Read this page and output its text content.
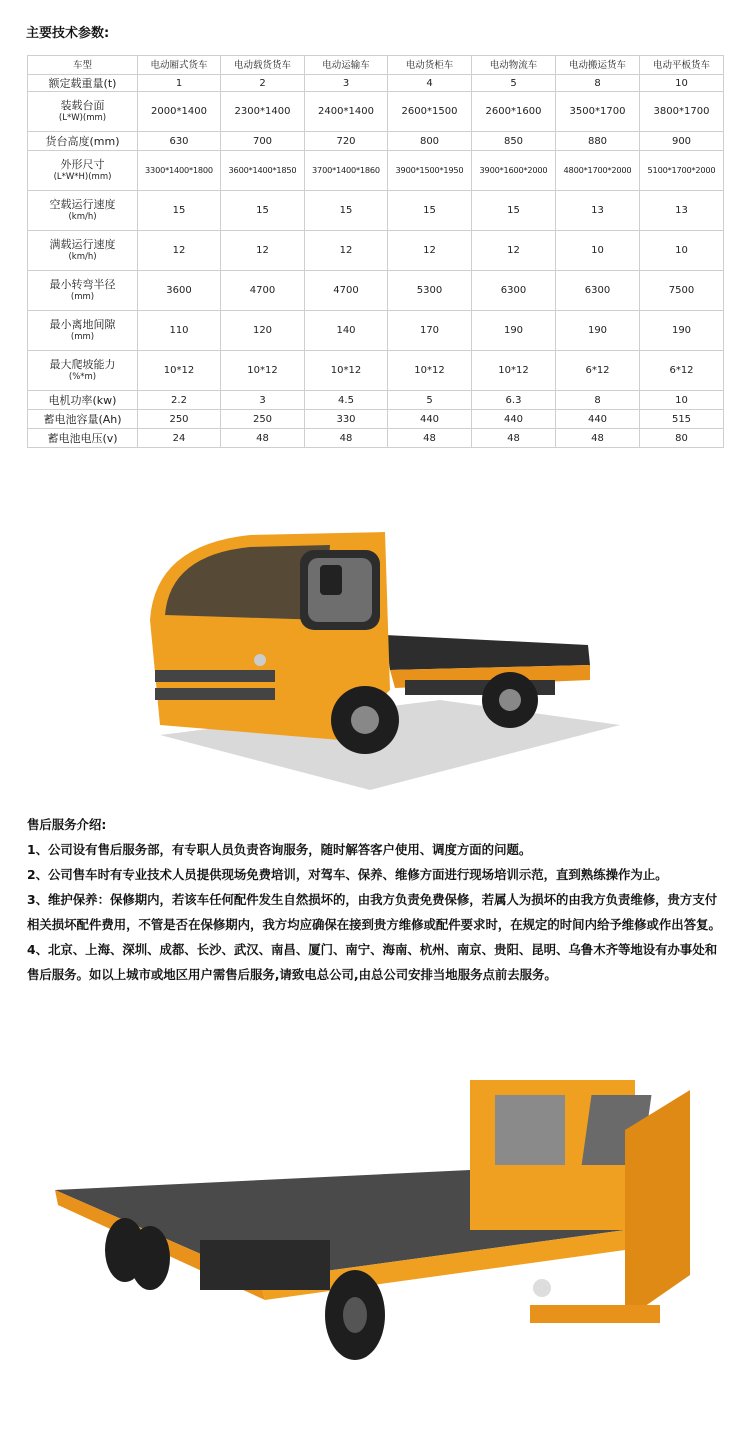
主要技术参数:
车型	电动厢式货车	电动载货货车	电动运输车	电动货柜车	电动物流车	电动搬运货车	电动平板货车
额定载重量(t)	1	2	3	4	5	8	10
装载台面
(L*W)(mm)	2000*1400	2300*1400	2400*1400	2600*1500	2600*1600	3500*1700	3800*1700
货台高度(mm)	630	700	720	800	850	880	900
外形尺寸
(L*W*H)(mm)	3300*1400*1800	3600*1400*1850	3700*1400*1860	3900*1500*1950	3900*1600*2000	4800*1700*2000	5100*1700*2000
空载运行速度
(km/h)	15	15	15	15	15	13	13
满载运行速度
(km/h)	12	12	12	12	12	10	10
最小转弯半径
(mm)	3600	4700	4700	5300	6300	6300	7500
最小离地间隙
(mm)	110	120	140	170	190	190	190
最大爬坡能力
(%*m)	10*12	10*12	10*12	10*12	10*12	6*12	6*12
电机功率(kw)	2.2	3	4.5	5	6.3	8	10
蓄电池容量(Ah)	250	250	330	440	440	440	515
蓄电池电压(v)	24	48	48	48	48	48	80

售后服务介绍:

1、公司设有售后服务部，有专职人员负责咨询服务，随时解答客户使用、调度方面的问题。

2、公司售车时有专业技术人员提供现场免费培训，对驾车、保养、维修方面进行现场培训示范，直到熟练操作为止。

3、维护保养：保修期内，若该车任何配件发生自然损坏的，由我方负责免费保修，若属人为损坏的由我方负责维修，贵方支付相关损坏配件费用，不管是否在保修期内，我方均应确保在接到贵方维修或配件要求时，在规定的时间内给予维修或作出答复。

4、北京、上海、深圳、成都、长沙、武汉、南昌、厦门、南宁、海南、杭州、南京、贵阳、昆明、乌鲁木齐等地设有办事处和售后服务。如以上城市或地区用户需售后服务,请致电总公司,由总公司安排当地服务点前去服务。
